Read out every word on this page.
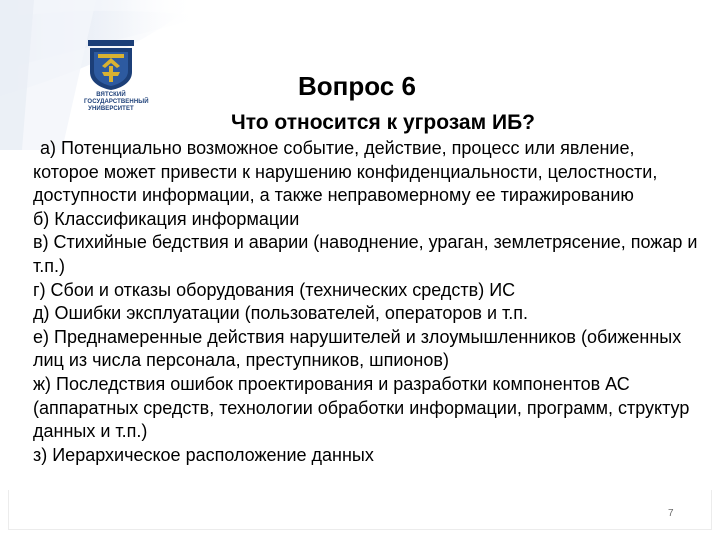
ВЯТСКИЙ
ГОСУДАРСТВЕННЫЙ
УНИВЕРСИТЕТ
Вопрос 6
Что относится к угрозам ИБ?
а) Потенциально возможное событие, действие, процесс или явление, которое может привести к нарушению конфиденциальности, целостности, доступности информации, а также неправомерному ее тиражированию
б) Классификация информации
в) Стихийные бедствия и аварии (наводнение, ураган, землетрясение, пожар и т.п.)
г) Сбои и отказы оборудования (технических средств) ИС
д) Ошибки эксплуатации (пользователей, операторов и т.п.
е) Преднамеренные действия нарушителей и злоумышленников (обиженных лиц из числа персонала, преступников, шпионов)
ж) Последствия ошибок проектирования и разработки компонентов АС (аппаратных средств, технологии обработки информации, программ, структур данных и т.п.)
з) Иерархическое расположение данных
7
